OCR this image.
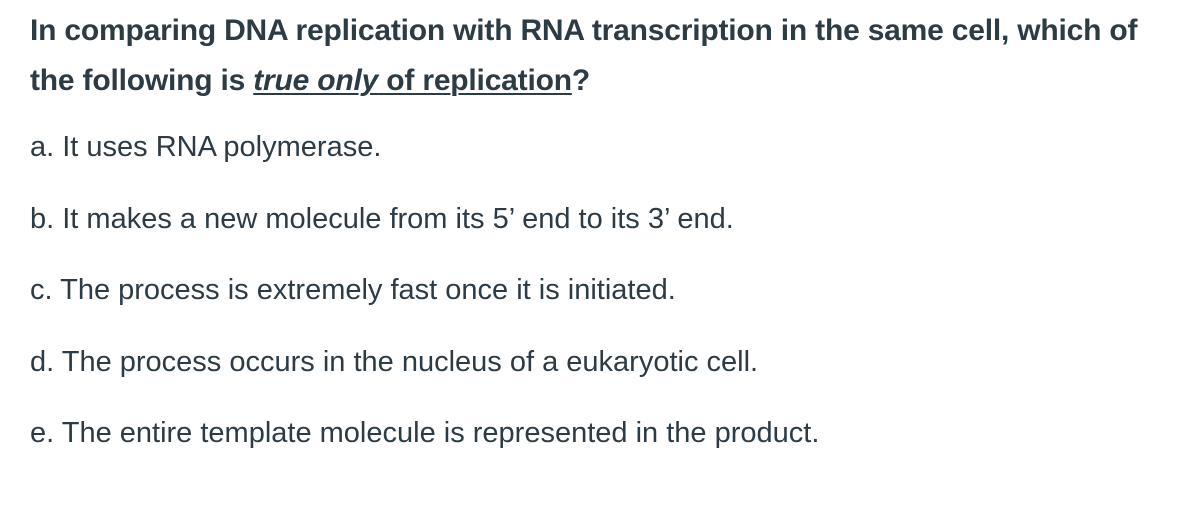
In comparing DNA replication with RNA transcription in the same cell, which of the following is true only of replication?
a. It uses RNA polymerase.
b. It makes a new molecule from its 5’ end to its 3’ end.
c. The process is extremely fast once it is initiated.
d. The process occurs in the nucleus of a eukaryotic cell.
e. The entire template molecule is represented in the product.
